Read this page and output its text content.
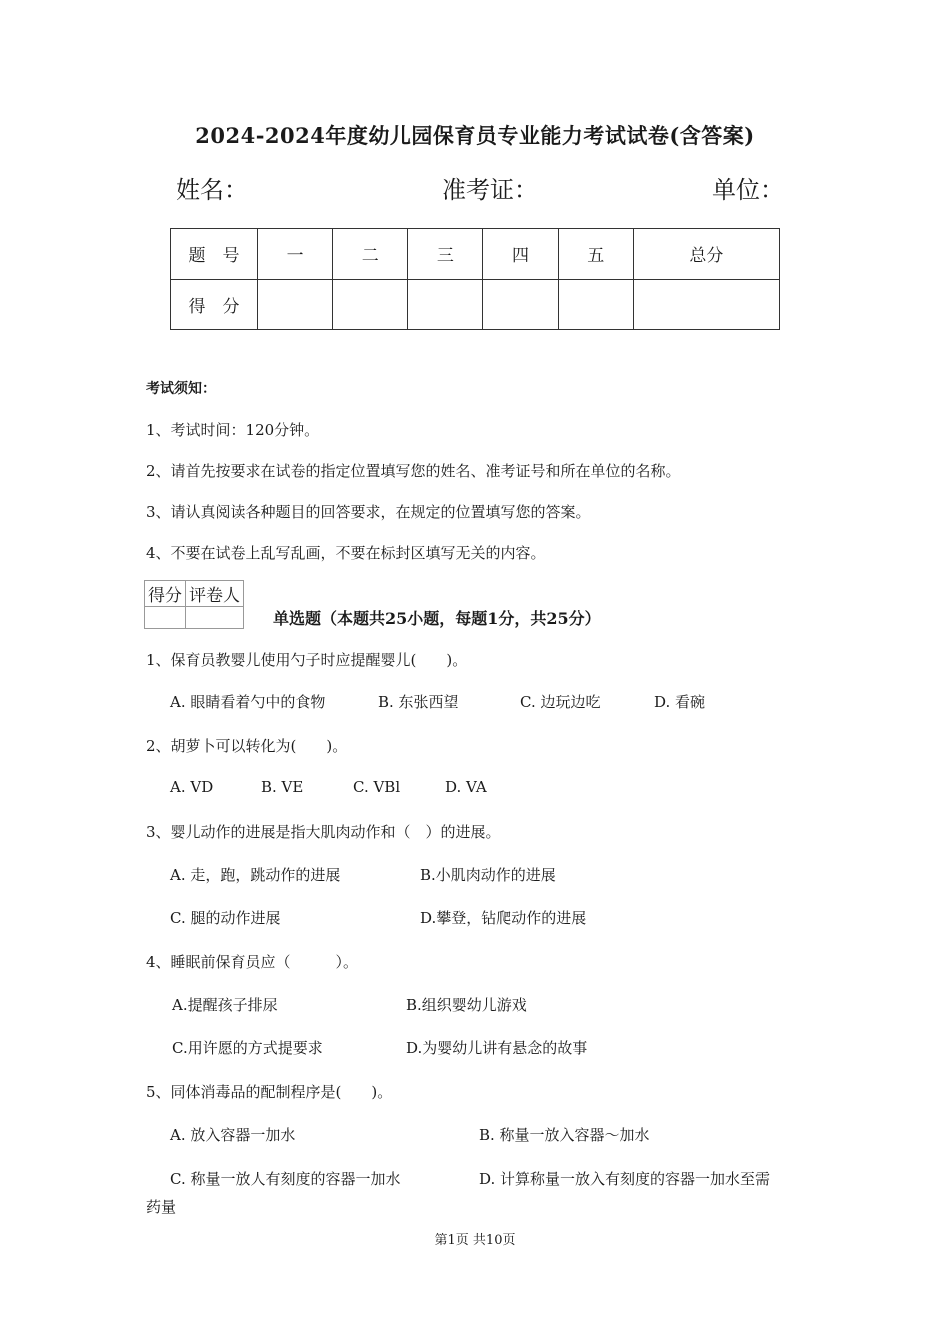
2024-2024年度幼儿园保育员专业能力考试试卷(含答案)
姓名：	准考证：	单位：
题　号	一	二	三	四	五	总分
得　分						
考试须知：
1、考试时间：120分钟。
2、请首先按要求在试卷的指定位置填写您的姓名、准考证号和所在单位的名称。
3、请认真阅读各种题目的回答要求，在规定的位置填写您的答案。
4、不要在试卷上乱写乱画，不要在标封区填写无关的内容。
得分	评卷人

单选题（本题共25小题，每题1分，共25分）
1、保育员教婴儿使用勺子时应提醒婴儿(　　)。
A. 眼睛看着勺中的食物	B. 东张西望	C. 边玩边吃	D. 看碗
2、胡萝卜可以转化为(　　)。
A. VD	B. VE	C. VBl	D. VA
3、婴儿动作的进展是指大肌肉动作和（　）的进展。
A. 走，跑，跳动作的进展	B.小肌肉动作的进展
C. 腿的动作进展	D.攀登，钻爬动作的进展
4、睡眠前保育员应（　　　）。
A.提醒孩子排尿	B.组织婴幼儿游戏
C.用许愿的方式提要求	D.为婴幼儿讲有悬念的故事
5、同体消毒品的配制程序是(　　)。
A. 放入容器一加水	B. 称量一放入容器～加水
C. 称量一放人有刻度的容器一加水	D. 计算称量一放入有刻度的容器一加水至需
药量
第1页 共10页
